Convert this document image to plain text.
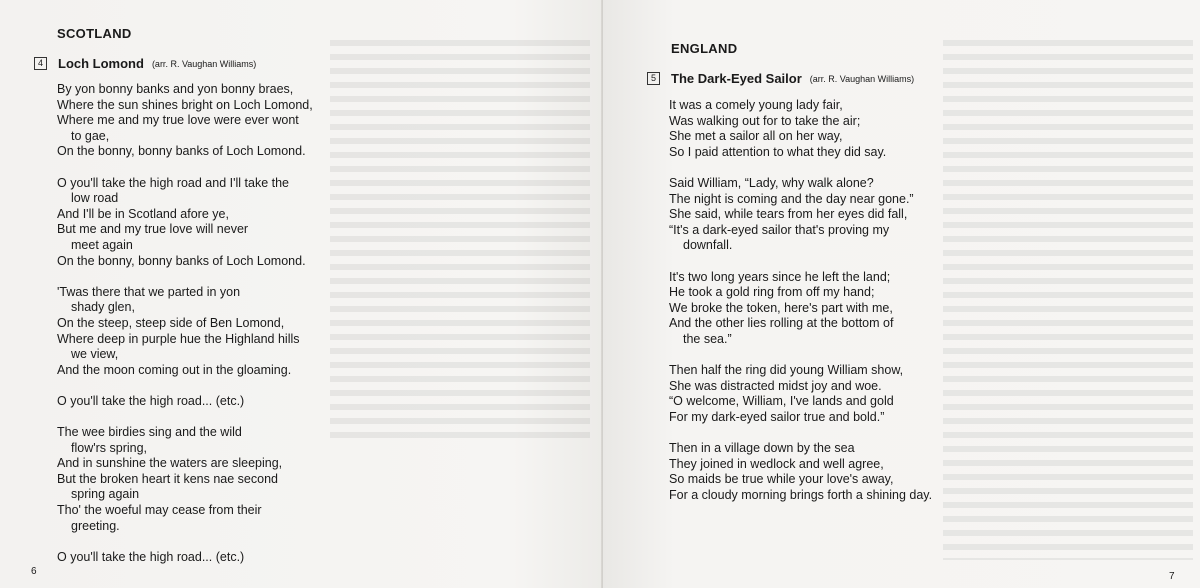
SCOTLAND
4	Loch Lomond (arr. R. Vaughan Williams)
By yon bonny banks and yon bonny braes,
Where the sun shines bright on Loch Lomond,
Where me and my true love were ever wont
to gae,
On the bonny, bonny banks of Loch Lomond.
O you'll take the high road and I'll take the
low road
And I'll be in Scotland afore ye,
But me and my true love will never
meet again
On the bonny, bonny banks of Loch Lomond.
'Twas there that we parted in yon
shady glen,
On the steep, steep side of Ben Lomond,
Where deep in purple hue the Highland hills
we view,
And the moon coming out in the gloaming.
O you'll take the high road... (etc.)
The wee birdies sing and the wild
flow'rs spring,
And in sunshine the waters are sleeping,
But the broken heart it kens nae second
spring again
Tho' the woeful may cease from their
greeting.
O you'll take the high road... (etc.)
6
ENGLAND
5	The Dark-Eyed Sailor (arr. R. Vaughan Williams)
It was a comely young lady fair,
Was walking out for to take the air;
She met a sailor all on her way,
So I paid attention to what they did say.
Said William, “Lady, why walk alone?
The night is coming and the day near gone.”
She said, while tears from her eyes did fall,
“It's a dark-eyed sailor that's proving my
downfall.
It's two long years since he left the land;
He took a gold ring from off my hand;
We broke the token, here's part with me,
And the other lies rolling at the bottom of
the sea.”
Then half the ring did young William show,
She was distracted midst joy and woe.
“O welcome, William, I've lands and gold
For my dark-eyed sailor true and bold.”
Then in a village down by the sea
They joined in wedlock and well agree,
So maids be true while your love's away,
For a cloudy morning brings forth a shining day.
7
